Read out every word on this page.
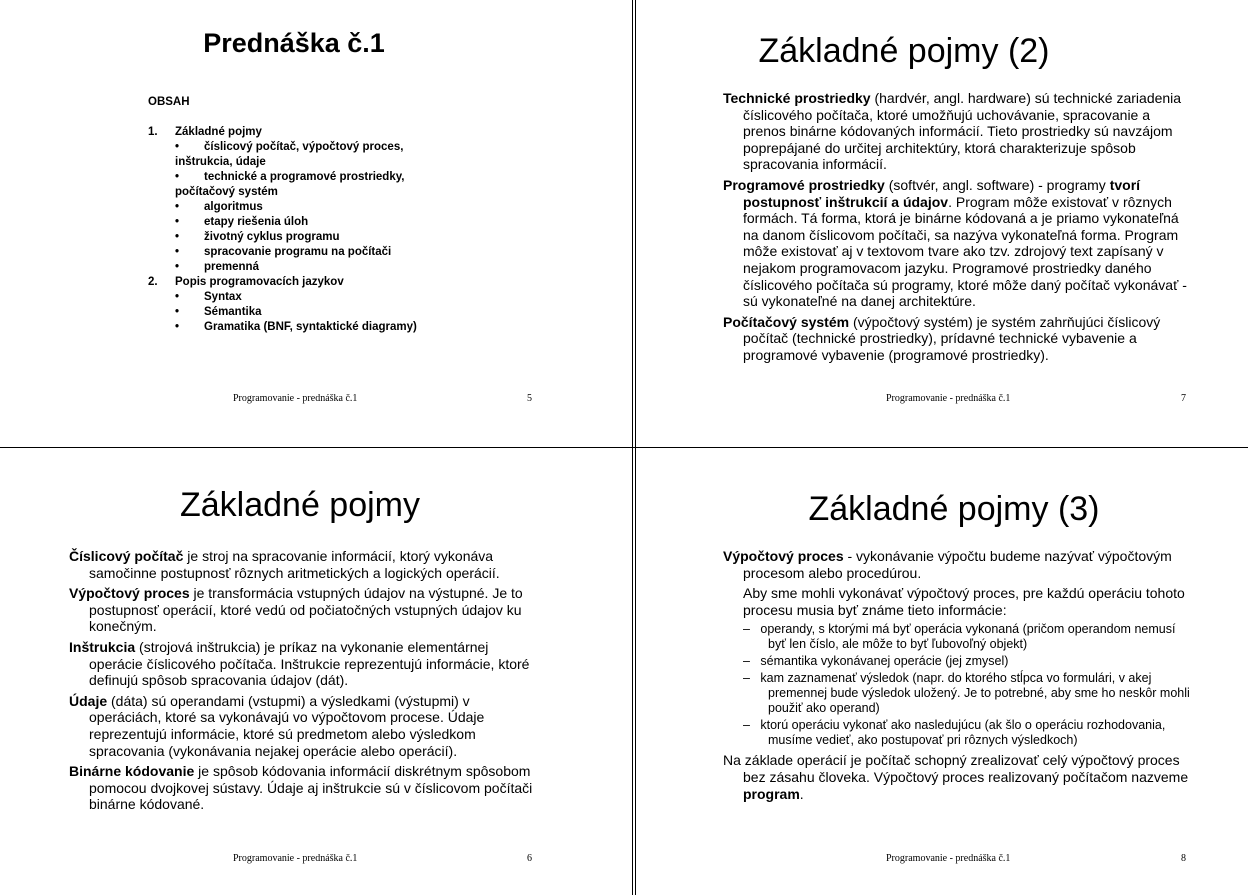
Prednáška č.1
OBSAH
1. Základné pojmy
• číslicový počítač, výpočtový proces,
inštrukcia, údaje
• technické a programové prostriedky,
počítačový systém
• algoritmus
• etapy riešenia úloh
• životný cyklus programu
• spracovanie programu na počítači
• premenná
2. Popis programovacích jazykov
• Syntax
• Sémantika
• Gramatika (BNF, syntaktické diagramy)
Programovanie - prednáška č.1	5
Základné pojmy (2)

Technické prostriedky (hardvér, angl. hardware) sú technické zariadenia číslicového počítača, ktoré umožňujú uchovávanie, spracovanie a prenos binárne kódovaných informácií. Tieto prostriedky sú navzájom poprepájané do určitej architektúry, ktorá charakterizuje spôsob spracovania informácií.

Programové prostriedky (softvér, angl. software) - programy tvorí postupnosť inštrukcií a údajov. Program môže existovať v rôznych formách. Tá forma, ktorá je binárne kódovaná a je priamo vykonateľná na danom číslicovom počítači, sa nazýva vykonateľná forma. Program môže existovať aj v textovom tvare ako tzv. zdrojový text zapísaný v nejakom programovacom jazyku. Programové prostriedky daného číslicového počítača sú programy, ktoré môže daný počítač vykonávať - sú vykonateľné na danej architektúre.

Počítačový systém (výpočtový systém) je systém zahrňujúci číslicový počítač (technické prostriedky), prídavné technické vybavenie a programové vybavenie (programové prostriedky).

Programovanie - prednáška č.1	7
Základné pojmy

Číslicový počítač je stroj na spracovanie informácií, ktorý vykonáva samočinne postupnosť rôznych aritmetických a logických operácií.

Výpočtový proces je transformácia vstupných údajov na výstupné. Je to postupnosť operácií, ktoré vedú od počiatočných vstupných údajov ku konečným.

Inštrukcia (strojová inštrukcia) je príkaz na vykonanie elementárnej operácie číslicového počítača. Inštrukcie reprezentujú informácie, ktoré definujú spôsob spracovania údajov (dát).

Údaje (dáta) sú operandami (vstupmi) a výsledkami (výstupmi) v operáciách, ktoré sa vykonávajú vo výpočtovom procese. Údaje reprezentujú informácie, ktoré sú predmetom alebo výsledkom spracovania (vykonávania nejakej operácie alebo operácií).

Binárne kódovanie je spôsob kódovania informácií diskrétnym spôsobom pomocou dvojkovej sústavy. Údaje aj inštrukcie sú v číslicovom počítači binárne kódované.

Programovanie - prednáška č.1	6
Základné pojmy (3)

Výpočtový proces - vykonávanie výpočtu budeme nazývať výpočtovým procesom alebo procedúrou.

Aby sme mohli vykonávať výpočtový proces, pre každú operáciu tohoto procesu musia byť známe tieto informácie:

– operandy, s ktorými má byť operácia vykonaná (pričom operandom nemusí byť len číslo, ale môže to byť ľubovoľný objekt)
– sémantika vykonávanej operácie (jej zmysel)
– kam zaznamenať výsledok (napr. do ktorého stĺpca vo formulári, v akej premennej bude výsledok uložený. Je to potrebné, aby sme ho neskôr mohli použiť ako operand)
– ktorú operáciu vykonať ako nasledujúcu (ak šlo o operáciu rozhodovania, musíme vedieť, ako postupovať pri rôznych výsledkoch)

Na základe operácií je počítač schopný zrealizovať celý výpočtový proces bez zásahu človeka. Výpočtový proces realizovaný počítačom nazveme program.

Programovanie - prednáška č.1	8
